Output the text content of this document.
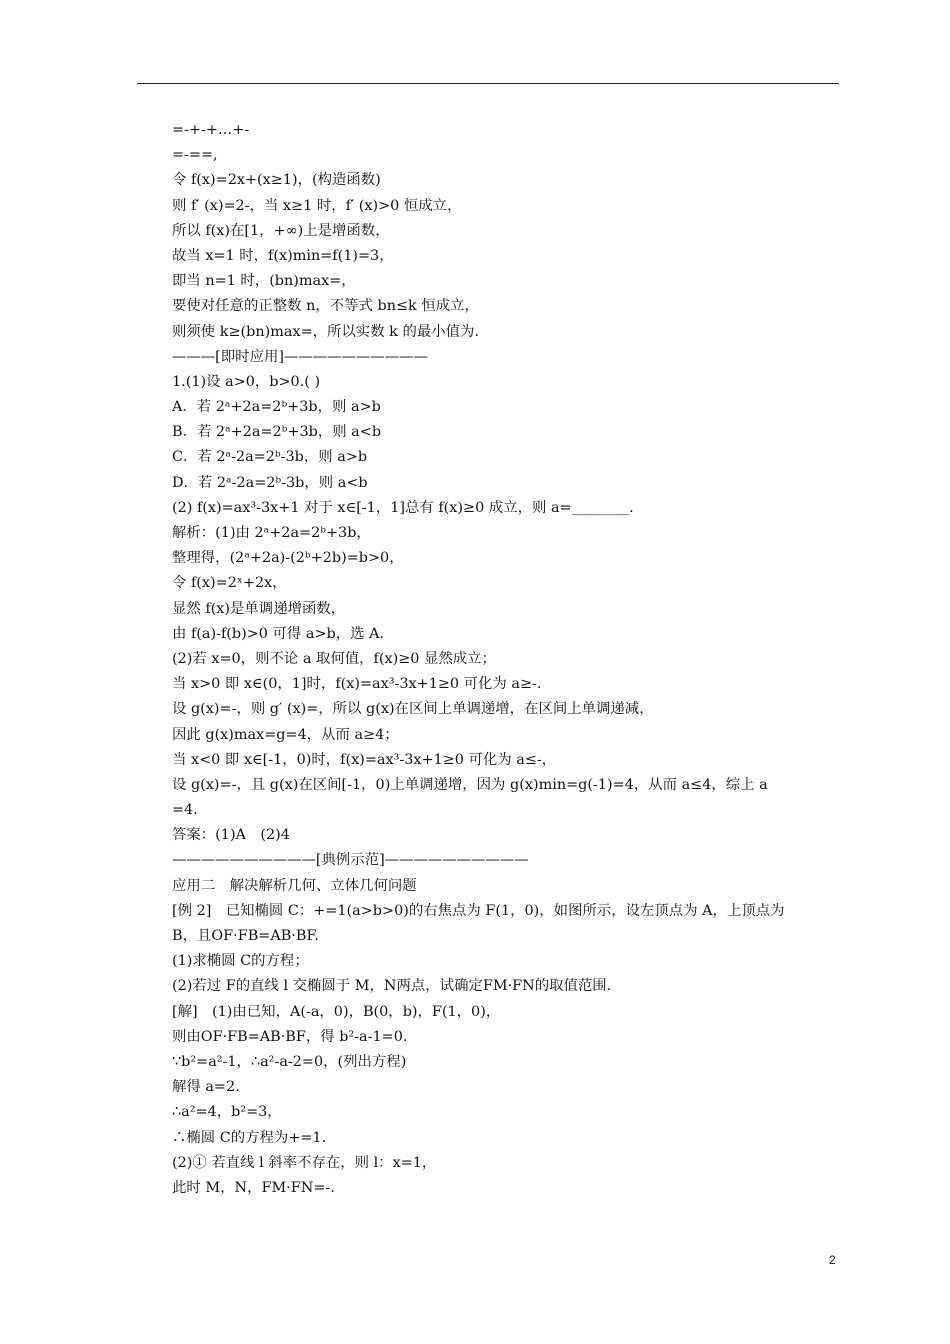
=-+-+…+-
=-==,
令 f(x)=2x+(x≥1)，(构造函数)
则 f′ (x)=2-，当 x≥1 时，f′ (x)>0 恒成立，
所以 f(x)在[1，+∞)上是增函数，
故当 x=1 时，f(x)min=f(1)=3，
即当 n=1 时，(bn)max=，
要使对任意的正整数 n，不等式 bn≤k 恒成立，
则须使 k≥(bn)max=，所以实数 k 的最小值为.
———[即时应用]——————————
1.(1)设 a>0，b>0.( )
A．若 2ᵃ+2a=2ᵇ+3b，则 a>b
B．若 2ᵃ+2a=2ᵇ+3b，则 a<b
C．若 2ᵃ-2a=2ᵇ-3b，则 a>b
D．若 2ᵃ-2a=2ᵇ-3b，则 a<b
(2) f(x)=ax³-3x+1 对于 x∈[-1，1]总有 f(x)≥0 成立，则 a=________.
解析：(1)由 2ᵃ+2a=2ᵇ+3b，
整理得，(2ᵃ+2a)-(2ᵇ+2b)=b>0，
令 f(x)=2ˣ+2x，
显然 f(x)是单调递增函数，
由 f(a)-f(b)>0 可得 a>b，选 A.
(2)若 x=0，则不论 a 取何值，f(x)≥0 显然成立；
当 x>0 即 x∈(0，1]时，f(x)=ax³-3x+1≥0 可化为 a≥-.
设 g(x)=-，则 g′ (x)=，所以 g(x)在区间上单调递增，在区间上单调递减，
因此 g(x)max=g=4，从而 a≥4；
当 x<0 即 x∈[-1，0)时，f(x)=ax³-3x+1≥0 可化为 a≤-，
设 g(x)=-，且 g(x)在区间[-1，0)上单调递增，因为 g(x)min=g(-1)=4，从而 a≤4，综上 a
=4.
答案：(1)A　(2)4
——————————[典例示范]——————————
应用二　解决解析几何、立体几何问题
[例 2]　已知椭圆 C：+=1(a>b>0)的右焦点为 F(1，0)，如图所示，设左顶点为 A，上顶点为
B，且OF·FB=AB·BF.
(1)求椭圆 C的方程；
(2)若过 F的直线 l 交椭圆于 M，N两点，试确定FM·FN的取值范围.
[解]　(1)由已知，A(-a，0)，B(0，b)，F(1，0)，
则由OF·FB=AB·BF，得 b²-a-1=0.
∵b²=a²-1，∴a²-a-2=0，(列出方程)
解得 a=2.
∴a²=4，b²=3，
∴椭圆 C的方程为+=1.
(2)① 若直线 l 斜率不存在，则 l：x=1，
此时 M，N，FM·FN=-.
2
